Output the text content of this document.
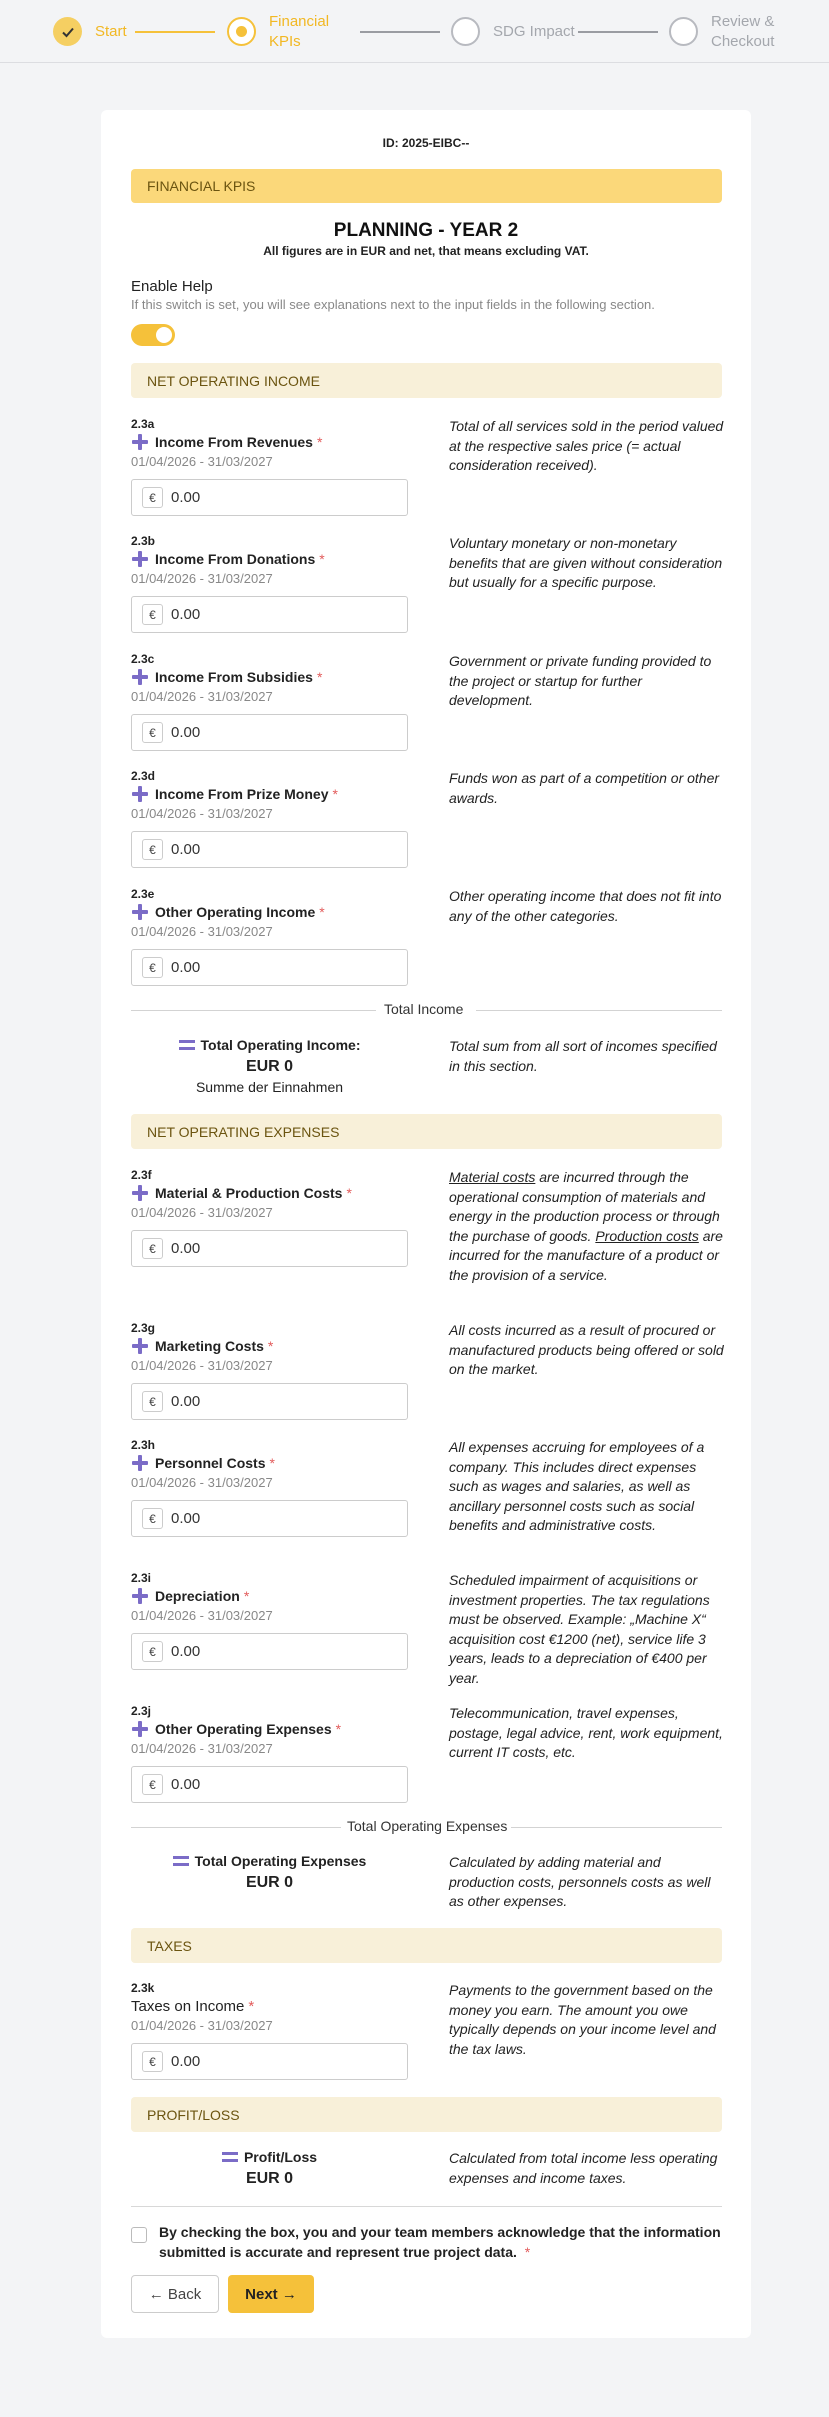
Start
Financial
KPIs
SDG Impact
Review &
Checkout
ID: 2025-EIBC--
FINANCIAL KPIS
PLANNING - YEAR 2
All figures are in EUR and net, that means excluding VAT.
Enable Help
If this switch is set, you will see explanations next to the input fields in the following section.
NET OPERATING INCOME
2.3a
Income From Revenues *
01/04/2026 - 31/03/2027
€	0.00
Total of all services sold in the period valued at the respective sales price (= actual consideration received).
2.3b
Income From Donations *
01/04/2026 - 31/03/2027
€	0.00
Voluntary monetary or non-monetary benefits that are given without consideration but usually for a specific purpose.
2.3c
Income From Subsidies *
01/04/2026 - 31/03/2027
€	0.00
Government or private funding provided to the project or startup for further development.
2.3d
Income From Prize Money *
01/04/2026 - 31/03/2027
€	0.00
Funds won as part of a competition or other awards.
2.3e
Other Operating Income *
01/04/2026 - 31/03/2027
€	0.00
Other operating income that does not fit into any of the other categories.
Total Income
Total Operating Income:
EUR 0
Summe der Einnahmen
Total sum from all sort of incomes specified in this section.
NET OPERATING EXPENSES
2.3f
Material & Production Costs *
01/04/2026 - 31/03/2027
€	0.00
Material costs are incurred through the operational consumption of materials and energy in the production process or through the purchase of goods. Production costs are incurred for the manufacture of a product or the provision of a service.
2.3g
Marketing Costs *
01/04/2026 - 31/03/2027
€	0.00
All costs incurred as a result of procured or manufactured products being offered or sold on the market.
2.3h
Personnel Costs *
01/04/2026 - 31/03/2027
€	0.00
All expenses accruing for employees of a company. This includes direct expenses such as wages and salaries, as well as ancillary personnel costs such as social benefits and administrative costs.
2.3i
Depreciation *
01/04/2026 - 31/03/2027
€	0.00
Scheduled impairment of acquisitions or investment properties. The tax regulations must be observed. Example: „Machine X“ acquisition cost €1200 (net), service life 3 years, leads to a depreciation of €400 per year.
2.3j
Other Operating Expenses *
01/04/2026 - 31/03/2027
€	0.00
Telecommunication, travel expenses, postage, legal advice, rent, work equipment, current IT costs, etc.
Total Operating Expenses
Total Operating Expenses
EUR 0
Calculated by adding material and production costs, personnels costs as well as other expenses.
TAXES
2.3k
Taxes on Income *
01/04/2026 - 31/03/2027
€	0.00
Payments to the government based on the money you earn. The amount you owe typically depends on your income level and the tax laws.
PROFIT/LOSS
Profit/Loss
EUR 0
Calculated from total income less operating expenses and income taxes.
By checking the box, you and your team members acknowledge that the information submitted is accurate and represent true project data. *
← Back	Next →
